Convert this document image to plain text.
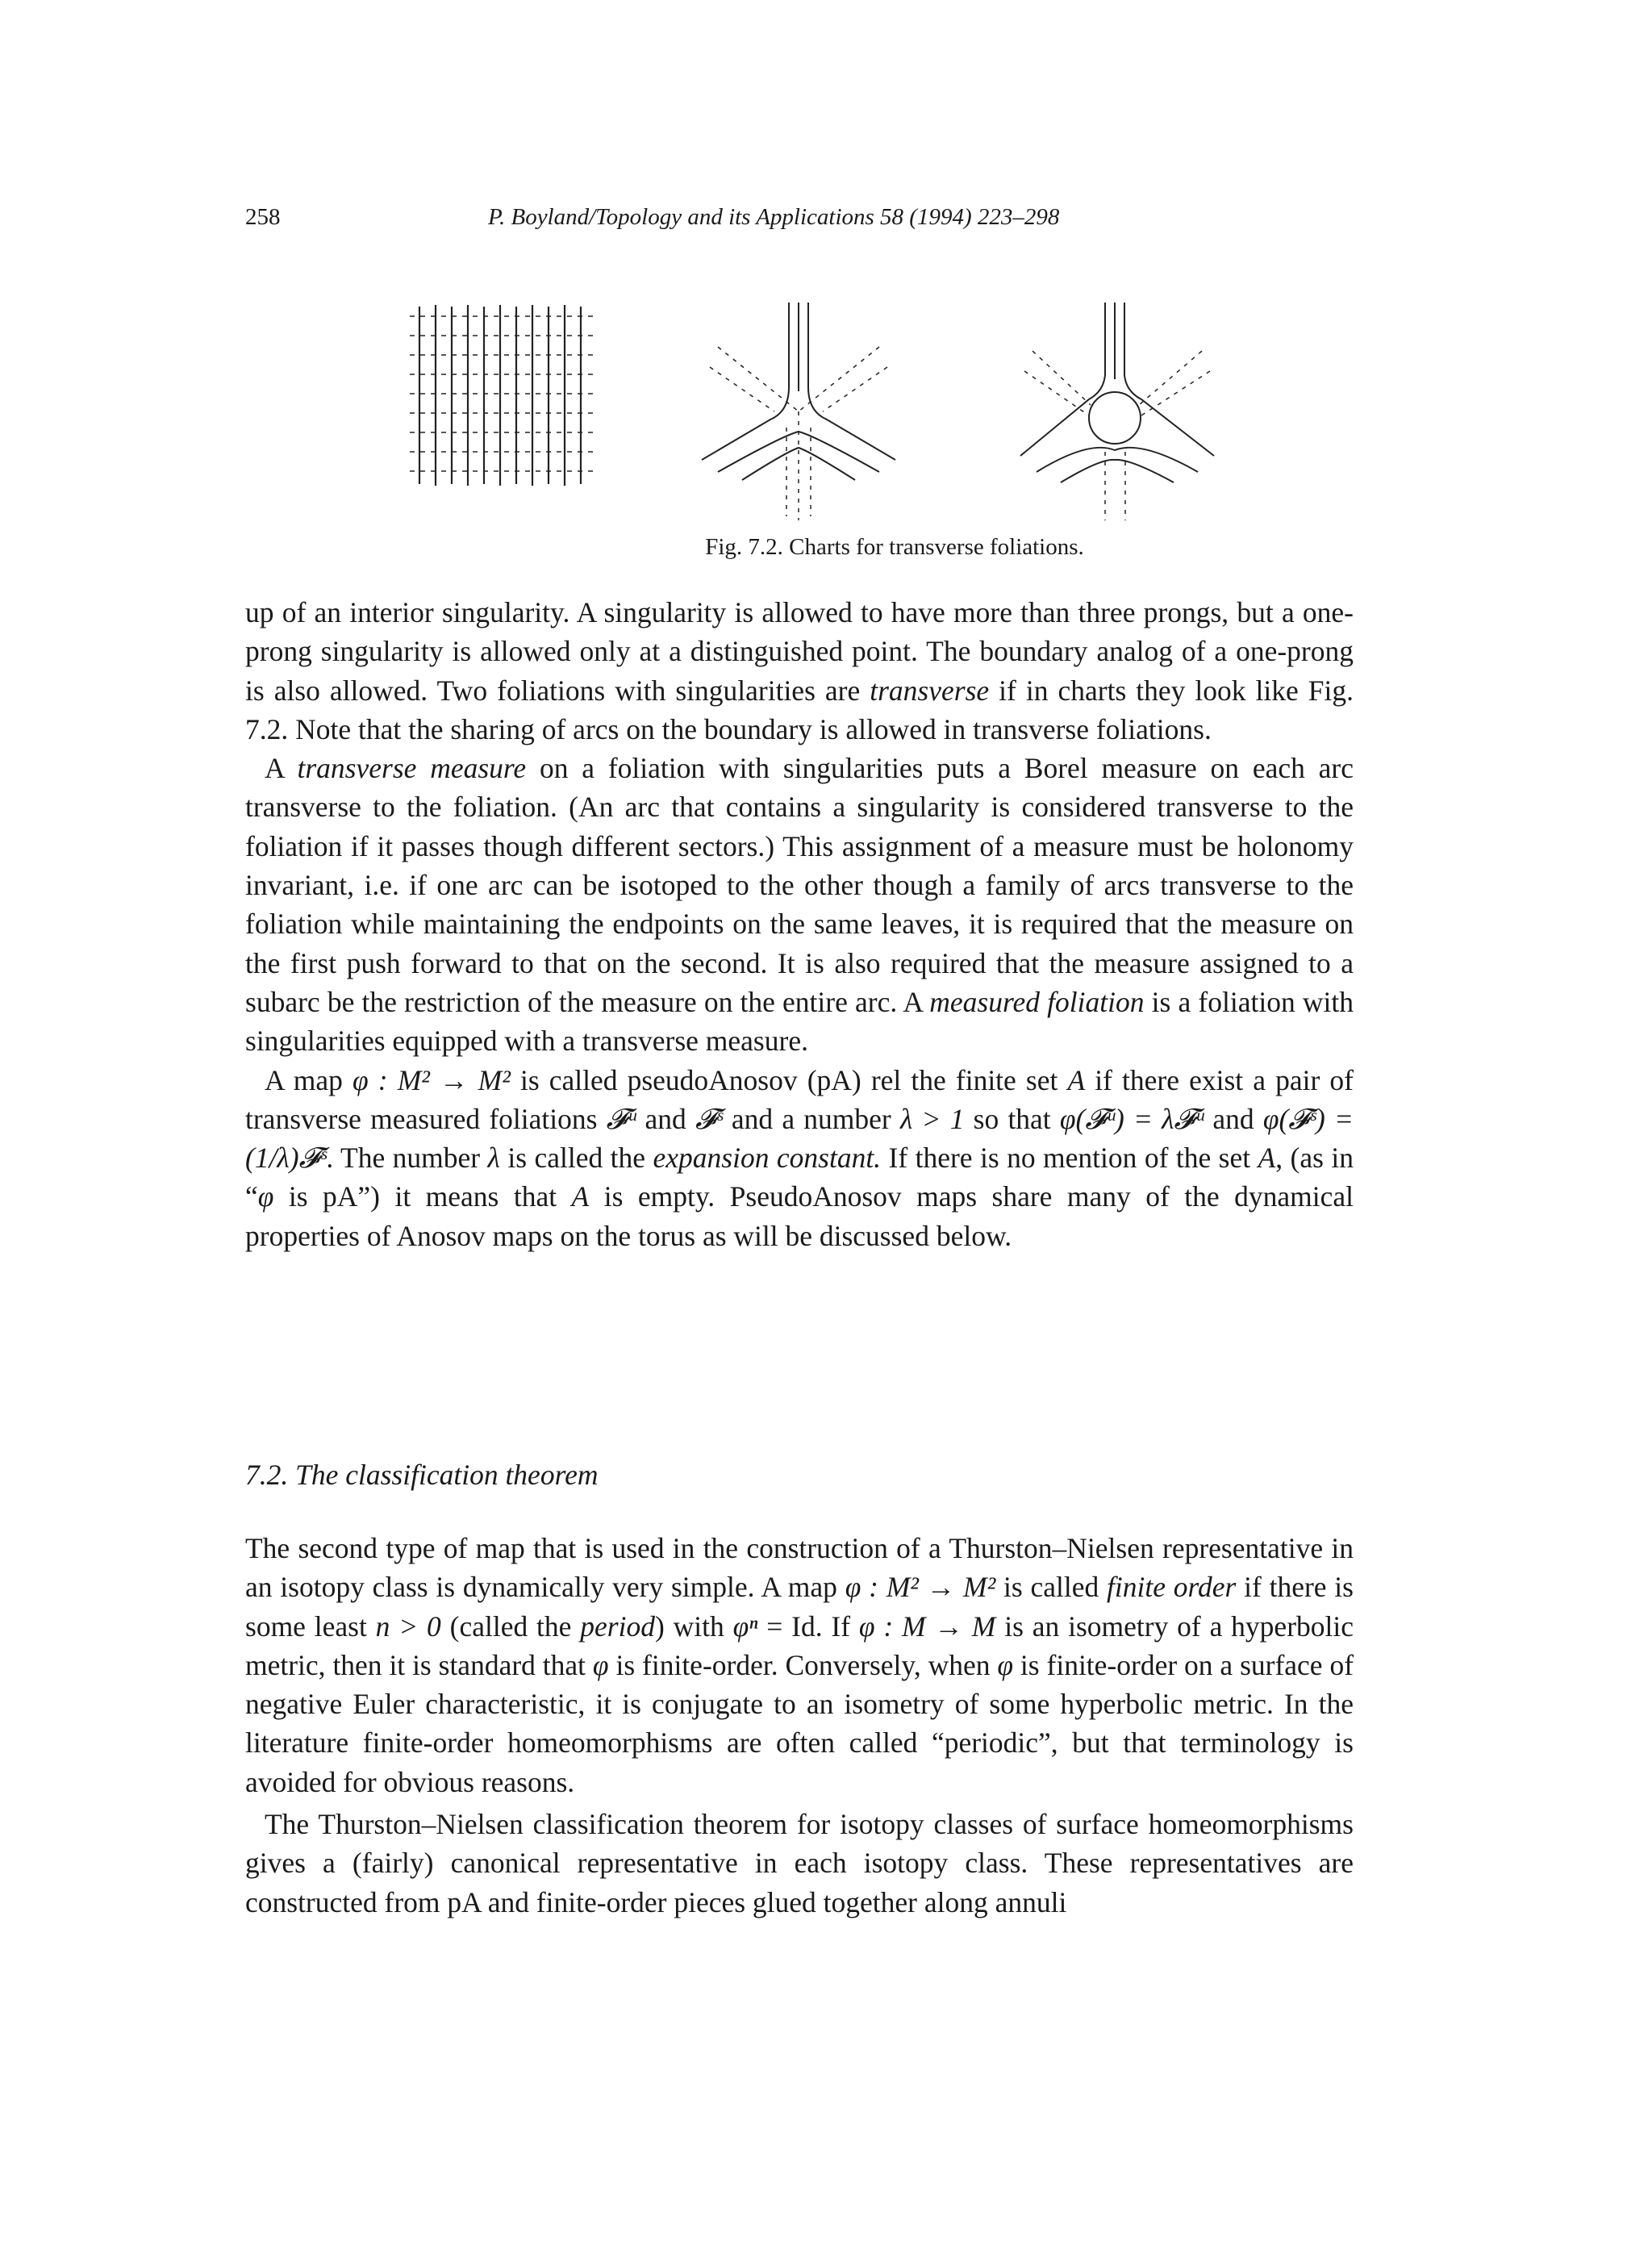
258	P. Boyland/Topology and its Applications 58 (1994) 223–298
Fig. 7.2. Charts for transverse foliations.

up of an interior singularity. A singularity is allowed to have more than three prongs, but a one-prong singularity is allowed only at a distinguished point. The boundary analog of a one-prong is also allowed. Two foliations with singularities are transverse if in charts they look like Fig. 7.2. Note that the sharing of arcs on the boundary is allowed in transverse foliations.

A transverse measure on a foliation with singularities puts a Borel measure on each arc transverse to the foliation. (An arc that contains a singularity is considered transverse to the foliation if it passes though different sectors.) This assignment of a measure must be holonomy invariant, i.e. if one arc can be isotoped to the other though a family of arcs transverse to the foliation while maintaining the endpoints on the same leaves, it is required that the measure on the first push forward to that on the second. It is also required that the measure assigned to a subarc be the restriction of the measure on the entire arc. A measured foliation is a foliation with singularities equipped with a transverse measure.

A map φ : M² → M² is called pseudoAnosov (pA) rel the finite set A if there exist a pair of transverse measured foliations 𝓕ᵘ and 𝓕ˢ and a number λ > 1 so that φ(𝓕ᵘ) = λ𝓕ᵘ and φ(𝓕ˢ) = (1/λ)𝓕ˢ. The number λ is called the expansion constant. If there is no mention of the set A, (as in “φ is pA”) it means that A is empty. PseudoAnosov maps share many of the dynamical properties of Anosov maps on the torus as will be discussed below.

7.2. The classification theorem

The second type of map that is used in the construction of a Thurston–Nielsen representative in an isotopy class is dynamically very simple. A map φ : M² → M² is called finite order if there is some least n > 0 (called the period) with φⁿ = Id. If φ : M → M is an isometry of a hyperbolic metric, then it is standard that φ is finite-order. Conversely, when φ is finite-order on a surface of negative Euler characteristic, it is conjugate to an isometry of some hyperbolic metric. In the literature finite-order homeomorphisms are often called “periodic”, but that terminology is avoided for obvious reasons.

The Thurston–Nielsen classification theorem for isotopy classes of surface homeomorphisms gives a (fairly) canonical representative in each isotopy class. These representatives are constructed from pA and finite-order pieces glued together along annuli
